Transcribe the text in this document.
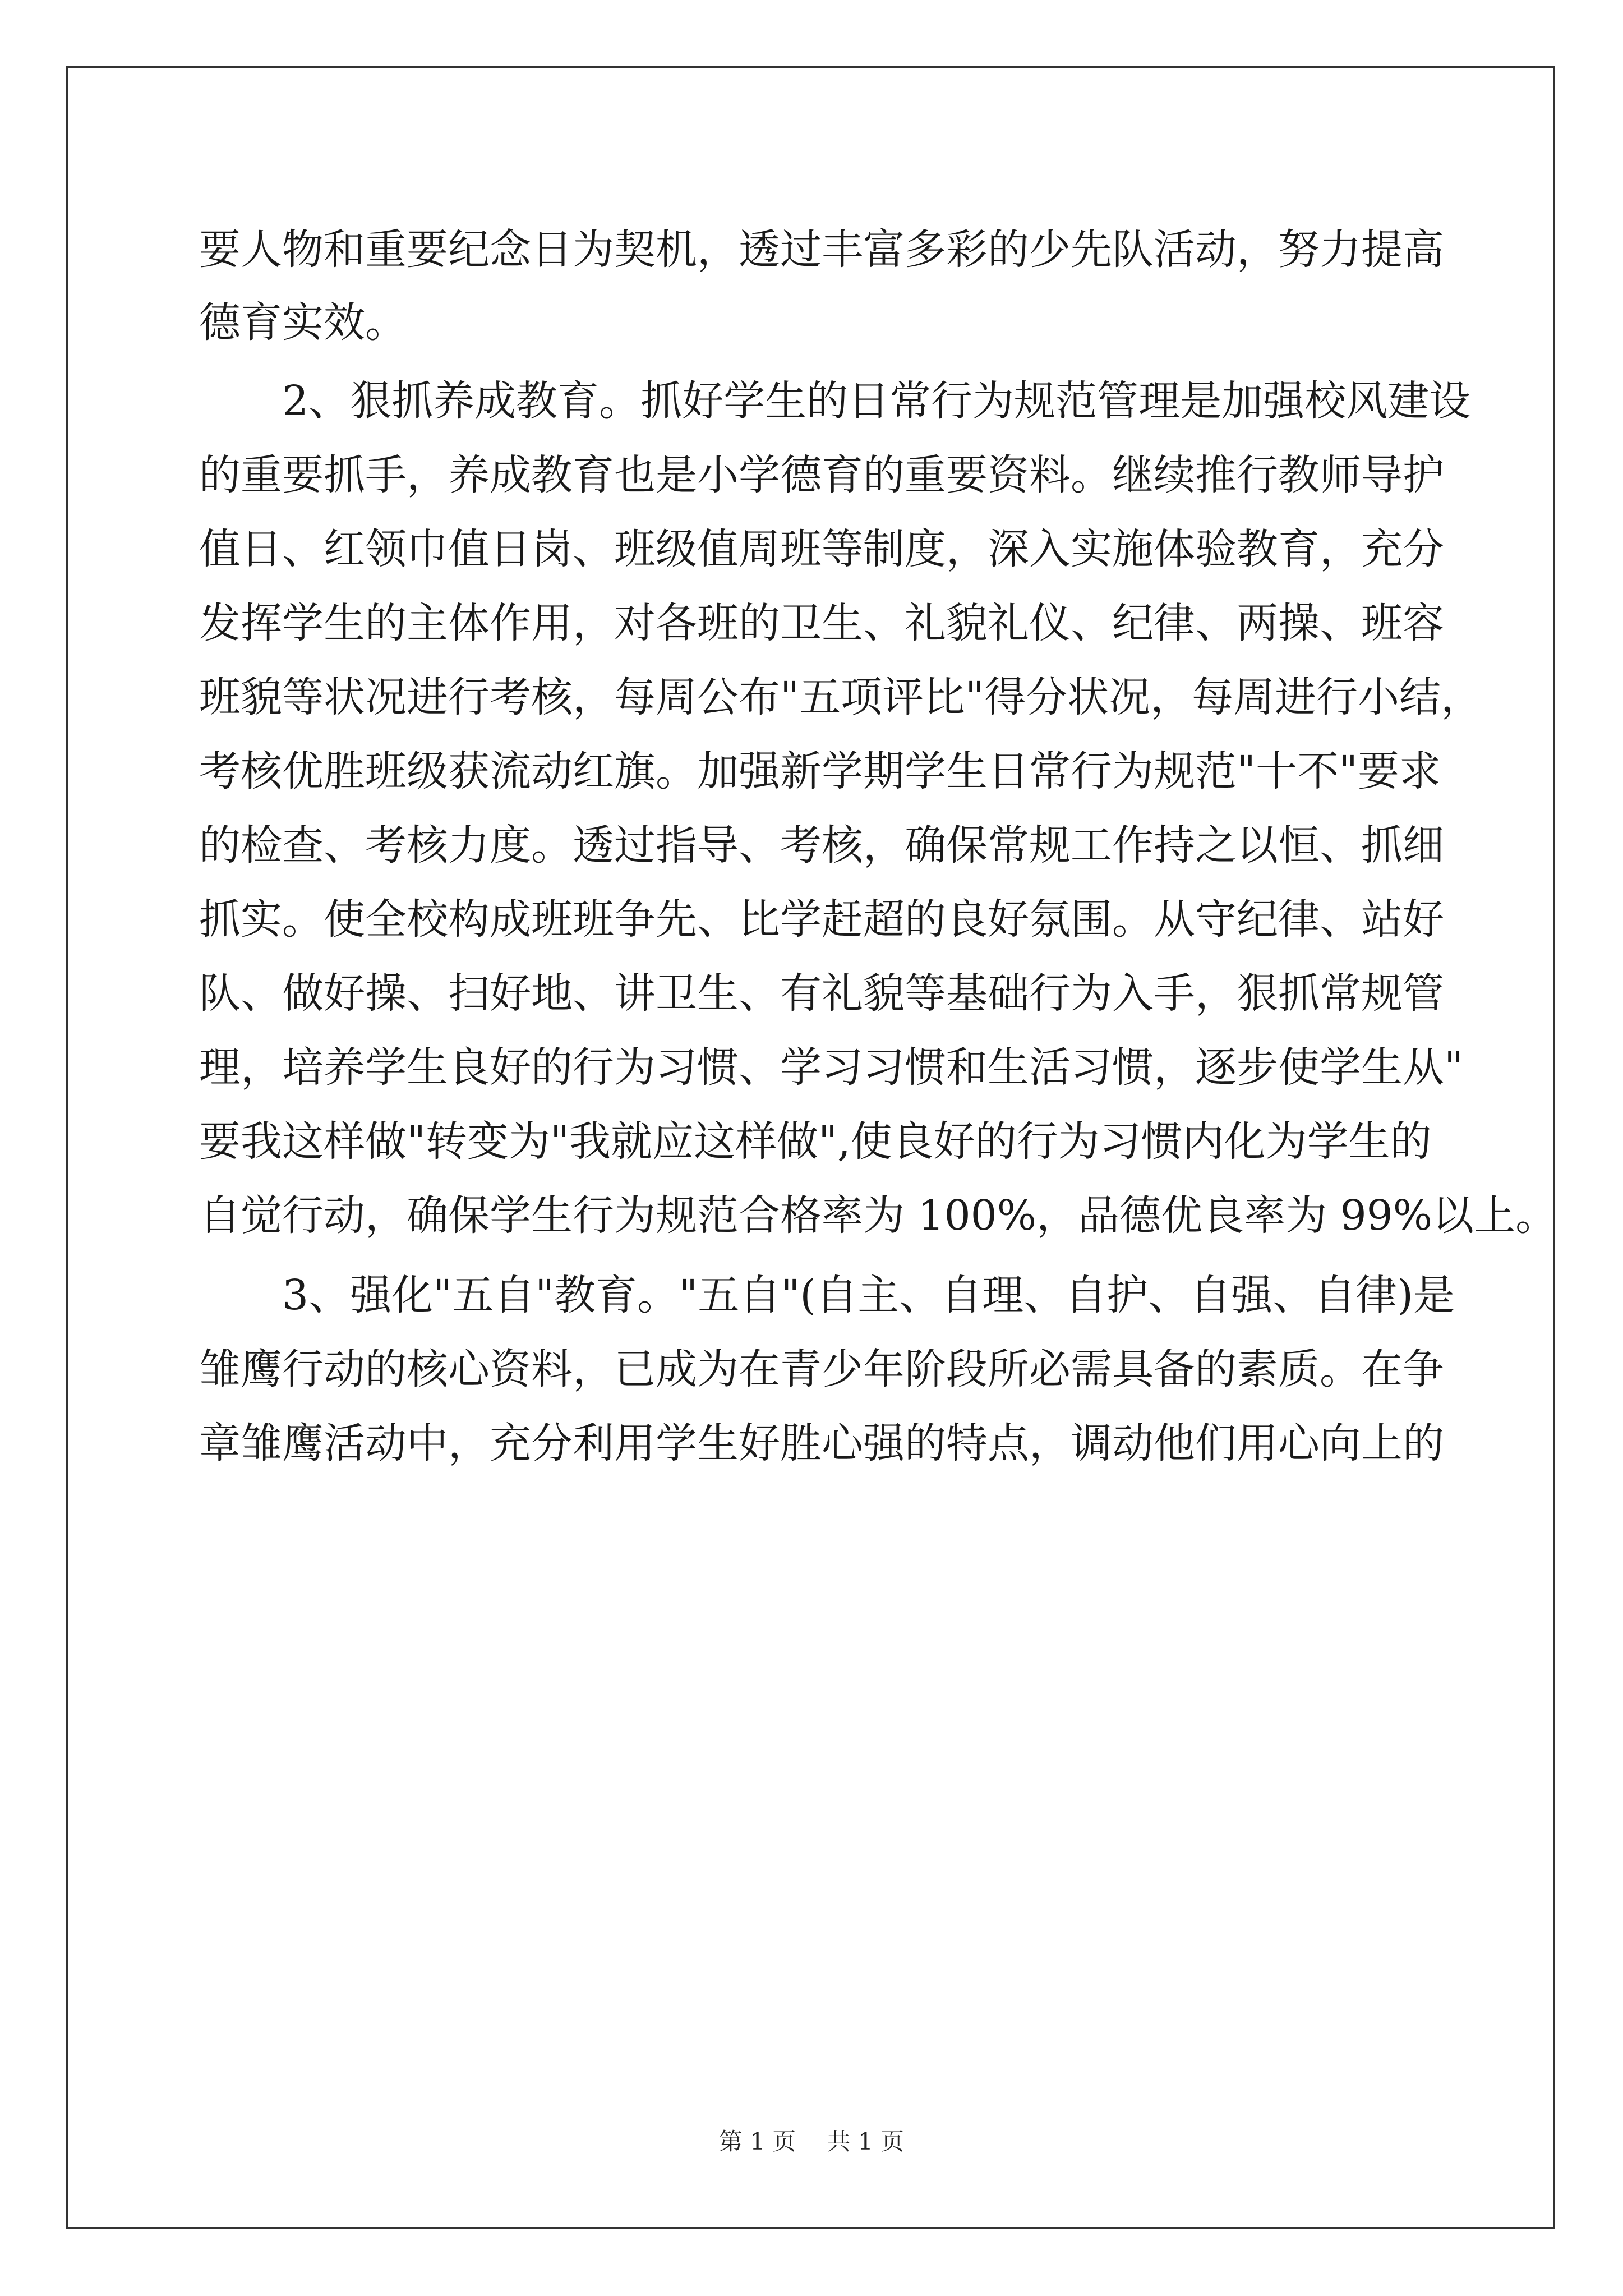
要人物和重要纪念日为契机，透过丰富多彩的少先队活动，努力提高
德育实效。
　　2、狠抓养成教育。抓好学生的日常行为规范管理是加强校风建设
的重要抓手，养成教育也是小学德育的重要资料。继续推行教师导护
值日、红领巾值日岗、班级值周班等制度，深入实施体验教育，充分
发挥学生的主体作用，对各班的卫生、礼貌礼仪、纪律、两操、班容
班貌等状况进行考核，每周公布"五项评比"得分状况，每周进行小结，
考核优胜班级获流动红旗。加强新学期学生日常行为规范"十不"要求
的检查、考核力度。透过指导、考核，确保常规工作持之以恒、抓细
抓实。使全校构成班班争先、比学赶超的良好氛围。从守纪律、站好
队、做好操、扫好地、讲卫生、有礼貌等基础行为入手，狠抓常规管
理，培养学生良好的行为习惯、学习习惯和生活习惯，逐步使学生从"
要我这样做"转变为"我就应这样做",使良好的行为习惯内化为学生的
自觉行动，确保学生行为规范合格率为 100%，品德优良率为 99%以上。
　　3、强化"五自"教育。"五自"(自主、自理、自护、自强、自律)是
雏鹰行动的核心资料，已成为在青少年阶段所必需具备的素质。在争
章雏鹰活动中，充分利用学生好胜心强的特点，调动他们用心向上的
第 1 页　 共 1 页
